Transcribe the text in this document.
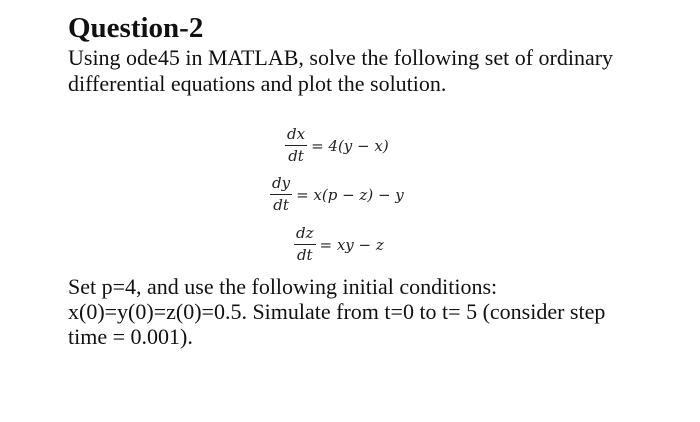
Question-2

Using ode45 in MATLAB, solve the following set of ordinary
differential equations and plot the solution.

$\frac{dx}{dt} = 4(y - x)$
$\frac{dy}{dt} = x(p - z) - y$
$\frac{dz}{dt}$ = xy − z

Set p=4, and use the following initial conditions:
x(0)=y(0)=z(0)=0.5. Simulate from t=0 to t= 5 (consider step
time = 0.001).
